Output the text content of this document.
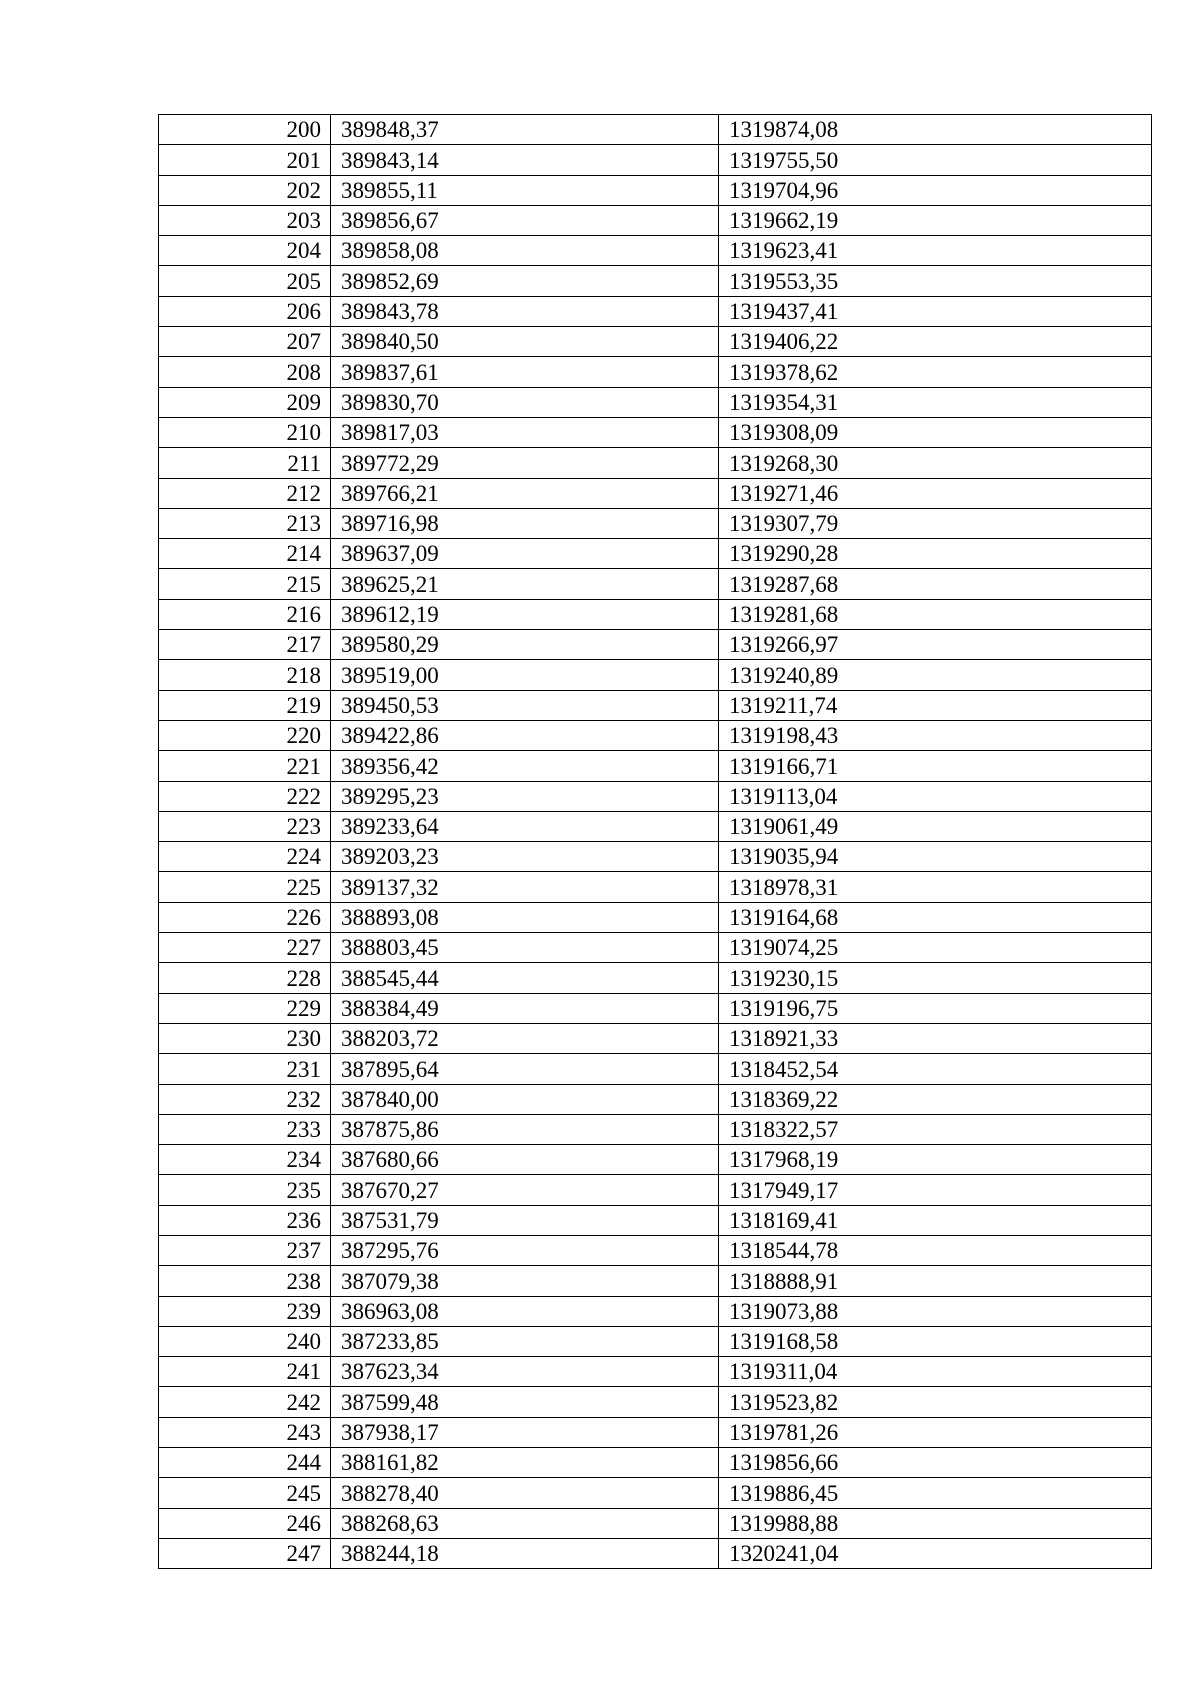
200	389848,37	1319874,08
201	389843,14	1319755,50
202	389855,11	1319704,96
203	389856,67	1319662,19
204	389858,08	1319623,41
205	389852,69	1319553,35
206	389843,78	1319437,41
207	389840,50	1319406,22
208	389837,61	1319378,62
209	389830,70	1319354,31
210	389817,03	1319308,09
211	389772,29	1319268,30
212	389766,21	1319271,46
213	389716,98	1319307,79
214	389637,09	1319290,28
215	389625,21	1319287,68
216	389612,19	1319281,68
217	389580,29	1319266,97
218	389519,00	1319240,89
219	389450,53	1319211,74
220	389422,86	1319198,43
221	389356,42	1319166,71
222	389295,23	1319113,04
223	389233,64	1319061,49
224	389203,23	1319035,94
225	389137,32	1318978,31
226	388893,08	1319164,68
227	388803,45	1319074,25
228	388545,44	1319230,15
229	388384,49	1319196,75
230	388203,72	1318921,33
231	387895,64	1318452,54
232	387840,00	1318369,22
233	387875,86	1318322,57
234	387680,66	1317968,19
235	387670,27	1317949,17
236	387531,79	1318169,41
237	387295,76	1318544,78
238	387079,38	1318888,91
239	386963,08	1319073,88
240	387233,85	1319168,58
241	387623,34	1319311,04
242	387599,48	1319523,82
243	387938,17	1319781,26
244	388161,82	1319856,66
245	388278,40	1319886,45
246	388268,63	1319988,88
247	388244,18	1320241,04
